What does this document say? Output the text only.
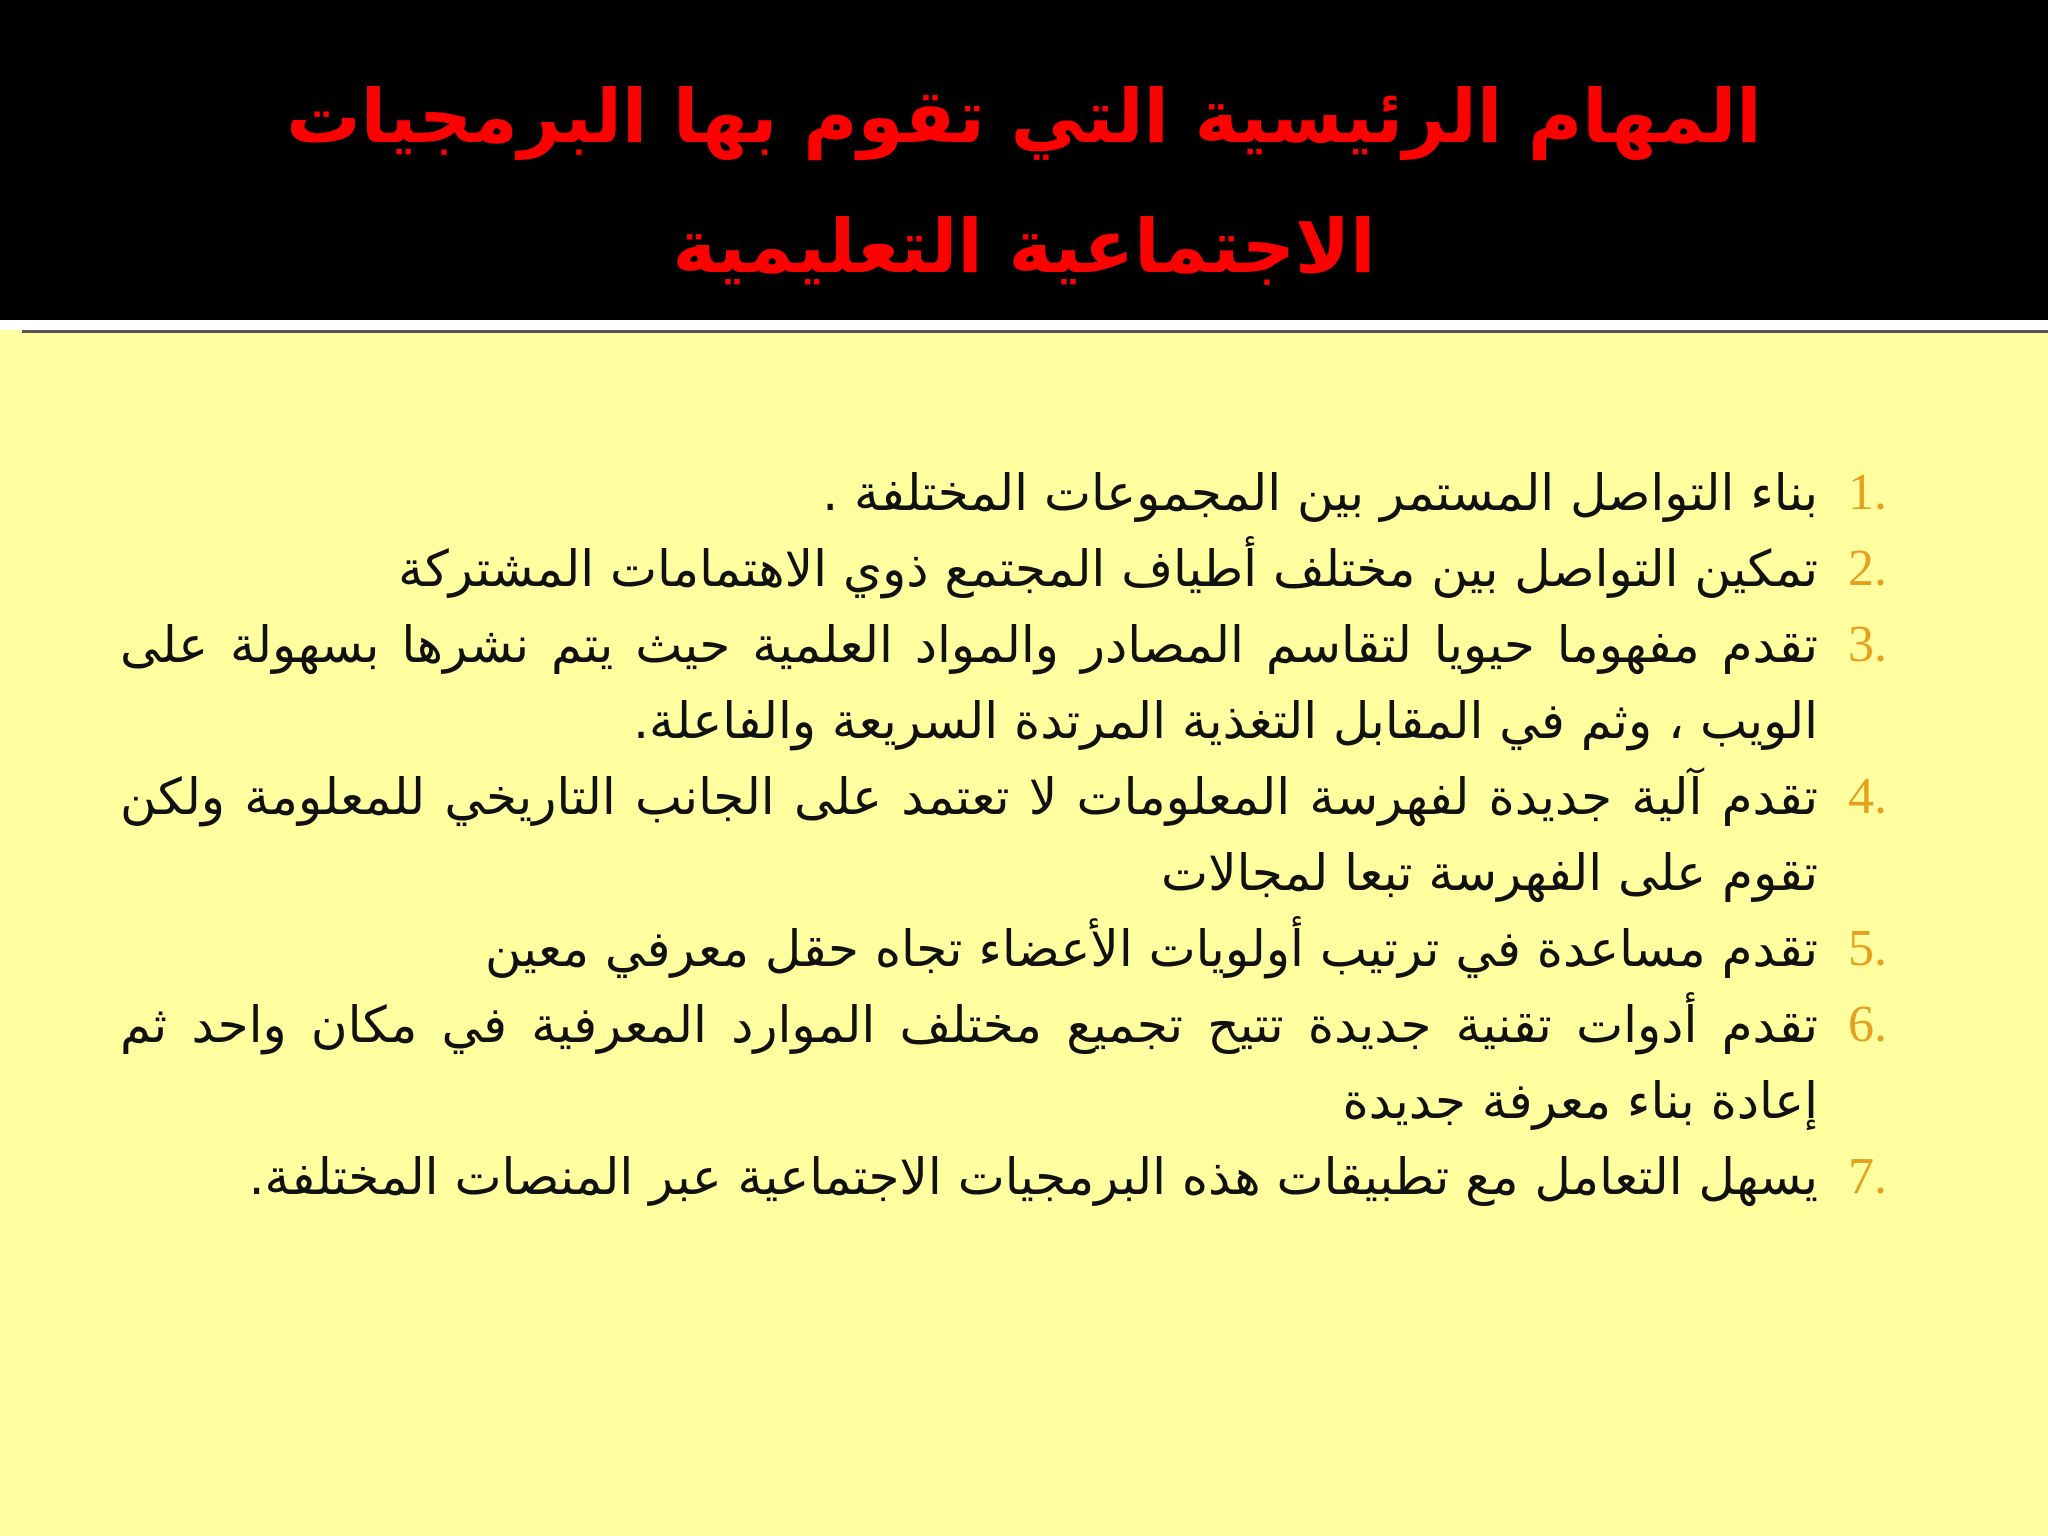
المهام الرئيسية التي تقوم بها البرمجيات الاجتماعية التعليمية
1.
بناء التواصل المستمر بين المجموعات المختلفة .
2.
تمكين التواصل بين مختلف أطياف المجتمع ذوي الاهتمامات المشتركة
3.
تقدم مفهوما حيويا لتقاسم المصادر والمواد العلمية حيث يتم نشرها بسهولة على الويب ، وثم في المقابل التغذية المرتدة السريعة والفاعلة.
4.
تقدم آلية جديدة لفهرسة المعلومات لا تعتمد على الجانب التاريخي للمعلومة ولكن تقوم على الفهرسة تبعا لمجالات
5.
تقدم مساعدة في ترتيب أولويات الأعضاء تجاه حقل معرفي معين
6.
تقدم أدوات تقنية جديدة تتيح تجميع مختلف الموارد المعرفية في مكان واحد ثم إعادة بناء معرفة جديدة
7.
يسهل التعامل مع تطبيقات هذه البرمجيات الاجتماعية عبر المنصات المختلفة.
